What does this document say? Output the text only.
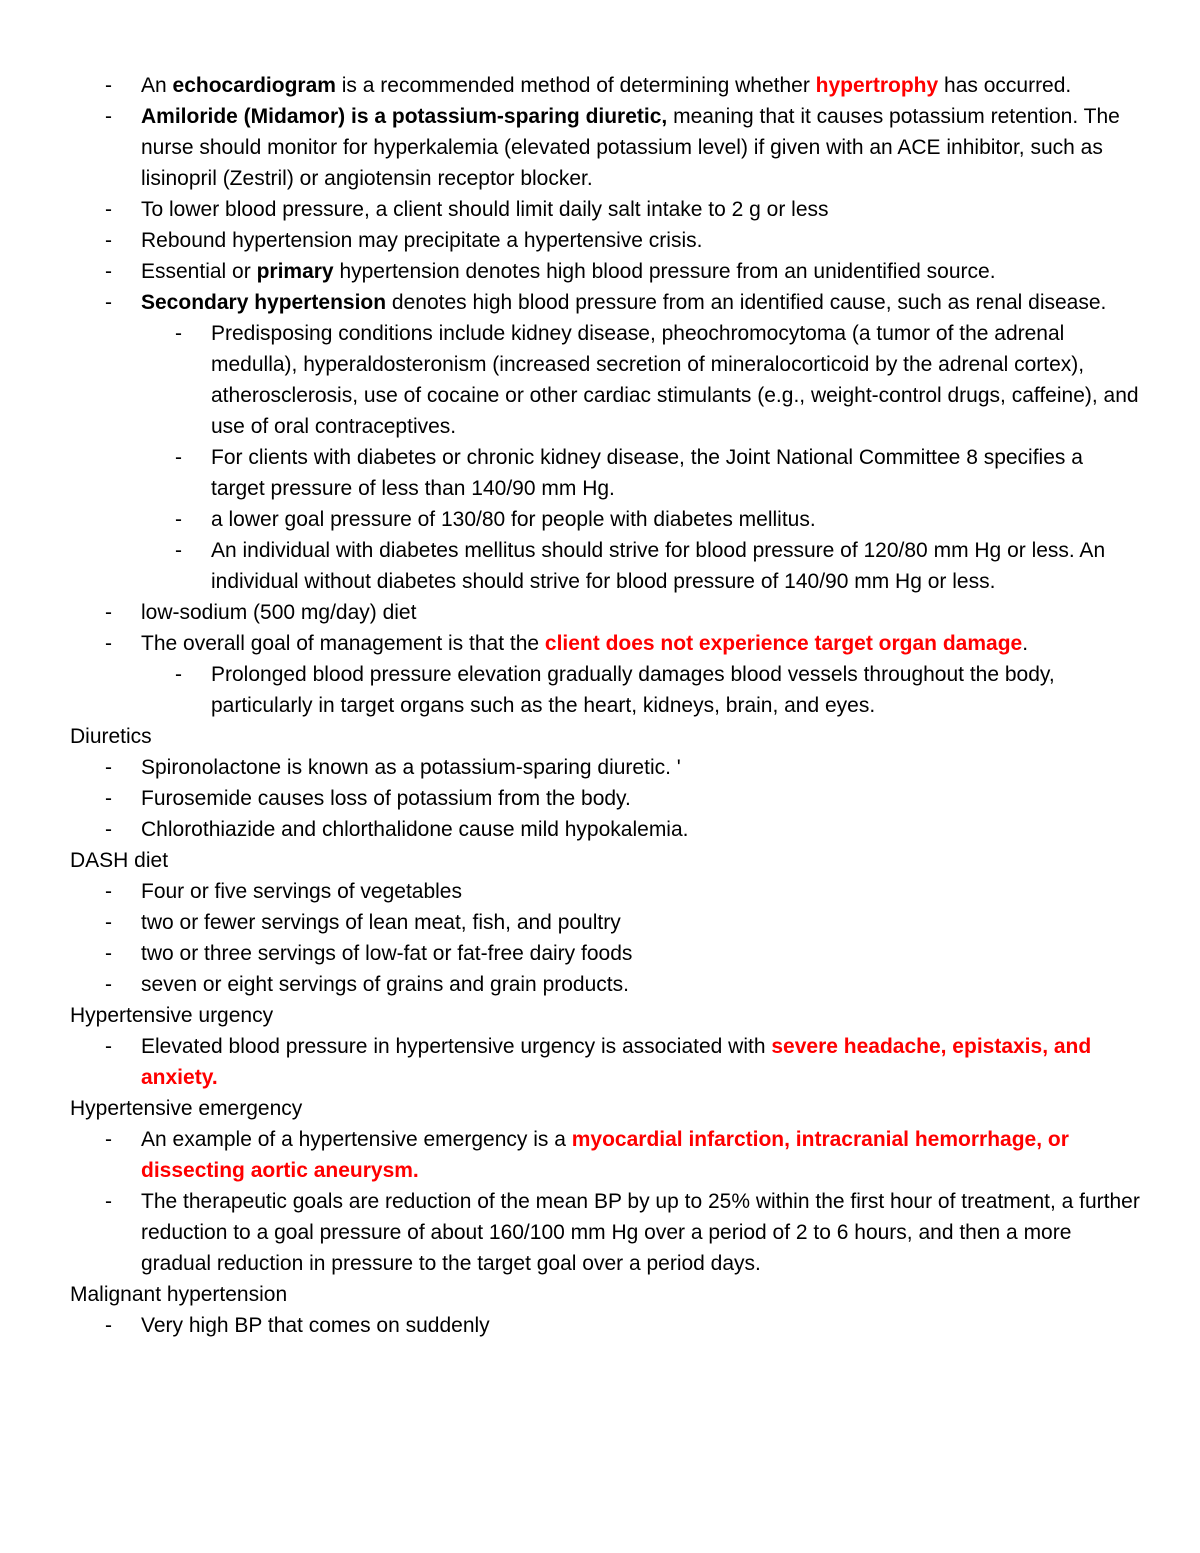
- An echocardiogram is a recommended method of determining whether hypertrophy has occurred.
- Amiloride (Midamor) is a potassium-sparing diuretic, meaning that it causes potassium retention. The nurse should monitor for hyperkalemia (elevated potassium level) if given with an ACE inhibitor, such as lisinopril (Zestril) or angiotensin receptor blocker.
- To lower blood pressure, a client should limit daily salt intake to 2 g or less
- Rebound hypertension may precipitate a hypertensive crisis.
- Essential or primary hypertension denotes high blood pressure from an unidentified source.
- Secondary hypertension denotes high blood pressure from an identified cause, such as renal disease.
- Predisposing conditions include kidney disease, pheochromocytoma (a tumor of the adrenal medulla), hyperaldosteronism (increased secretion of mineralocorticoid by the adrenal cortex), atherosclerosis, use of cocaine or other cardiac stimulants (e.g., weight-control drugs, caffeine), and use of oral contraceptives.
- For clients with diabetes or chronic kidney disease, the Joint National Committee 8 specifies a target pressure of less than 140/90 mm Hg.
- a lower goal pressure of 130/80 for people with diabetes mellitus.
- An individual with diabetes mellitus should strive for blood pressure of 120/80 mm Hg or less. An individual without diabetes should strive for blood pressure of 140/90 mm Hg or less.
- low-sodium (500 mg/day) diet
- The overall goal of management is that the client does not experience target organ damage.
- Prolonged blood pressure elevation gradually damages blood vessels throughout the body, particularly in target organs such as the heart, kidneys, brain, and eyes.
Diuretics
- Spironolactone is known as a potassium-sparing diuretic. '
- Furosemide causes loss of potassium from the body.
- Chlorothiazide and chlorthalidone cause mild hypokalemia.
DASH diet
- Four or five servings of vegetables
- two or fewer servings of lean meat, fish, and poultry
- two or three servings of low-fat or fat-free dairy foods
- seven or eight servings of grains and grain products.
Hypertensive urgency
- Elevated blood pressure in hypertensive urgency is associated with severe headache, epistaxis, and anxiety.
Hypertensive emergency
- An example of a hypertensive emergency is a myocardial infarction, intracranial hemorrhage, or dissecting aortic aneurysm.
- The therapeutic goals are reduction of the mean BP by up to 25% within the first hour of treatment, a further reduction to a goal pressure of about 160/100 mm Hg over a period of 2 to 6 hours, and then a more gradual reduction in pressure to the target goal over a period days.
Malignant hypertension
- Very high BP that comes on suddenly
